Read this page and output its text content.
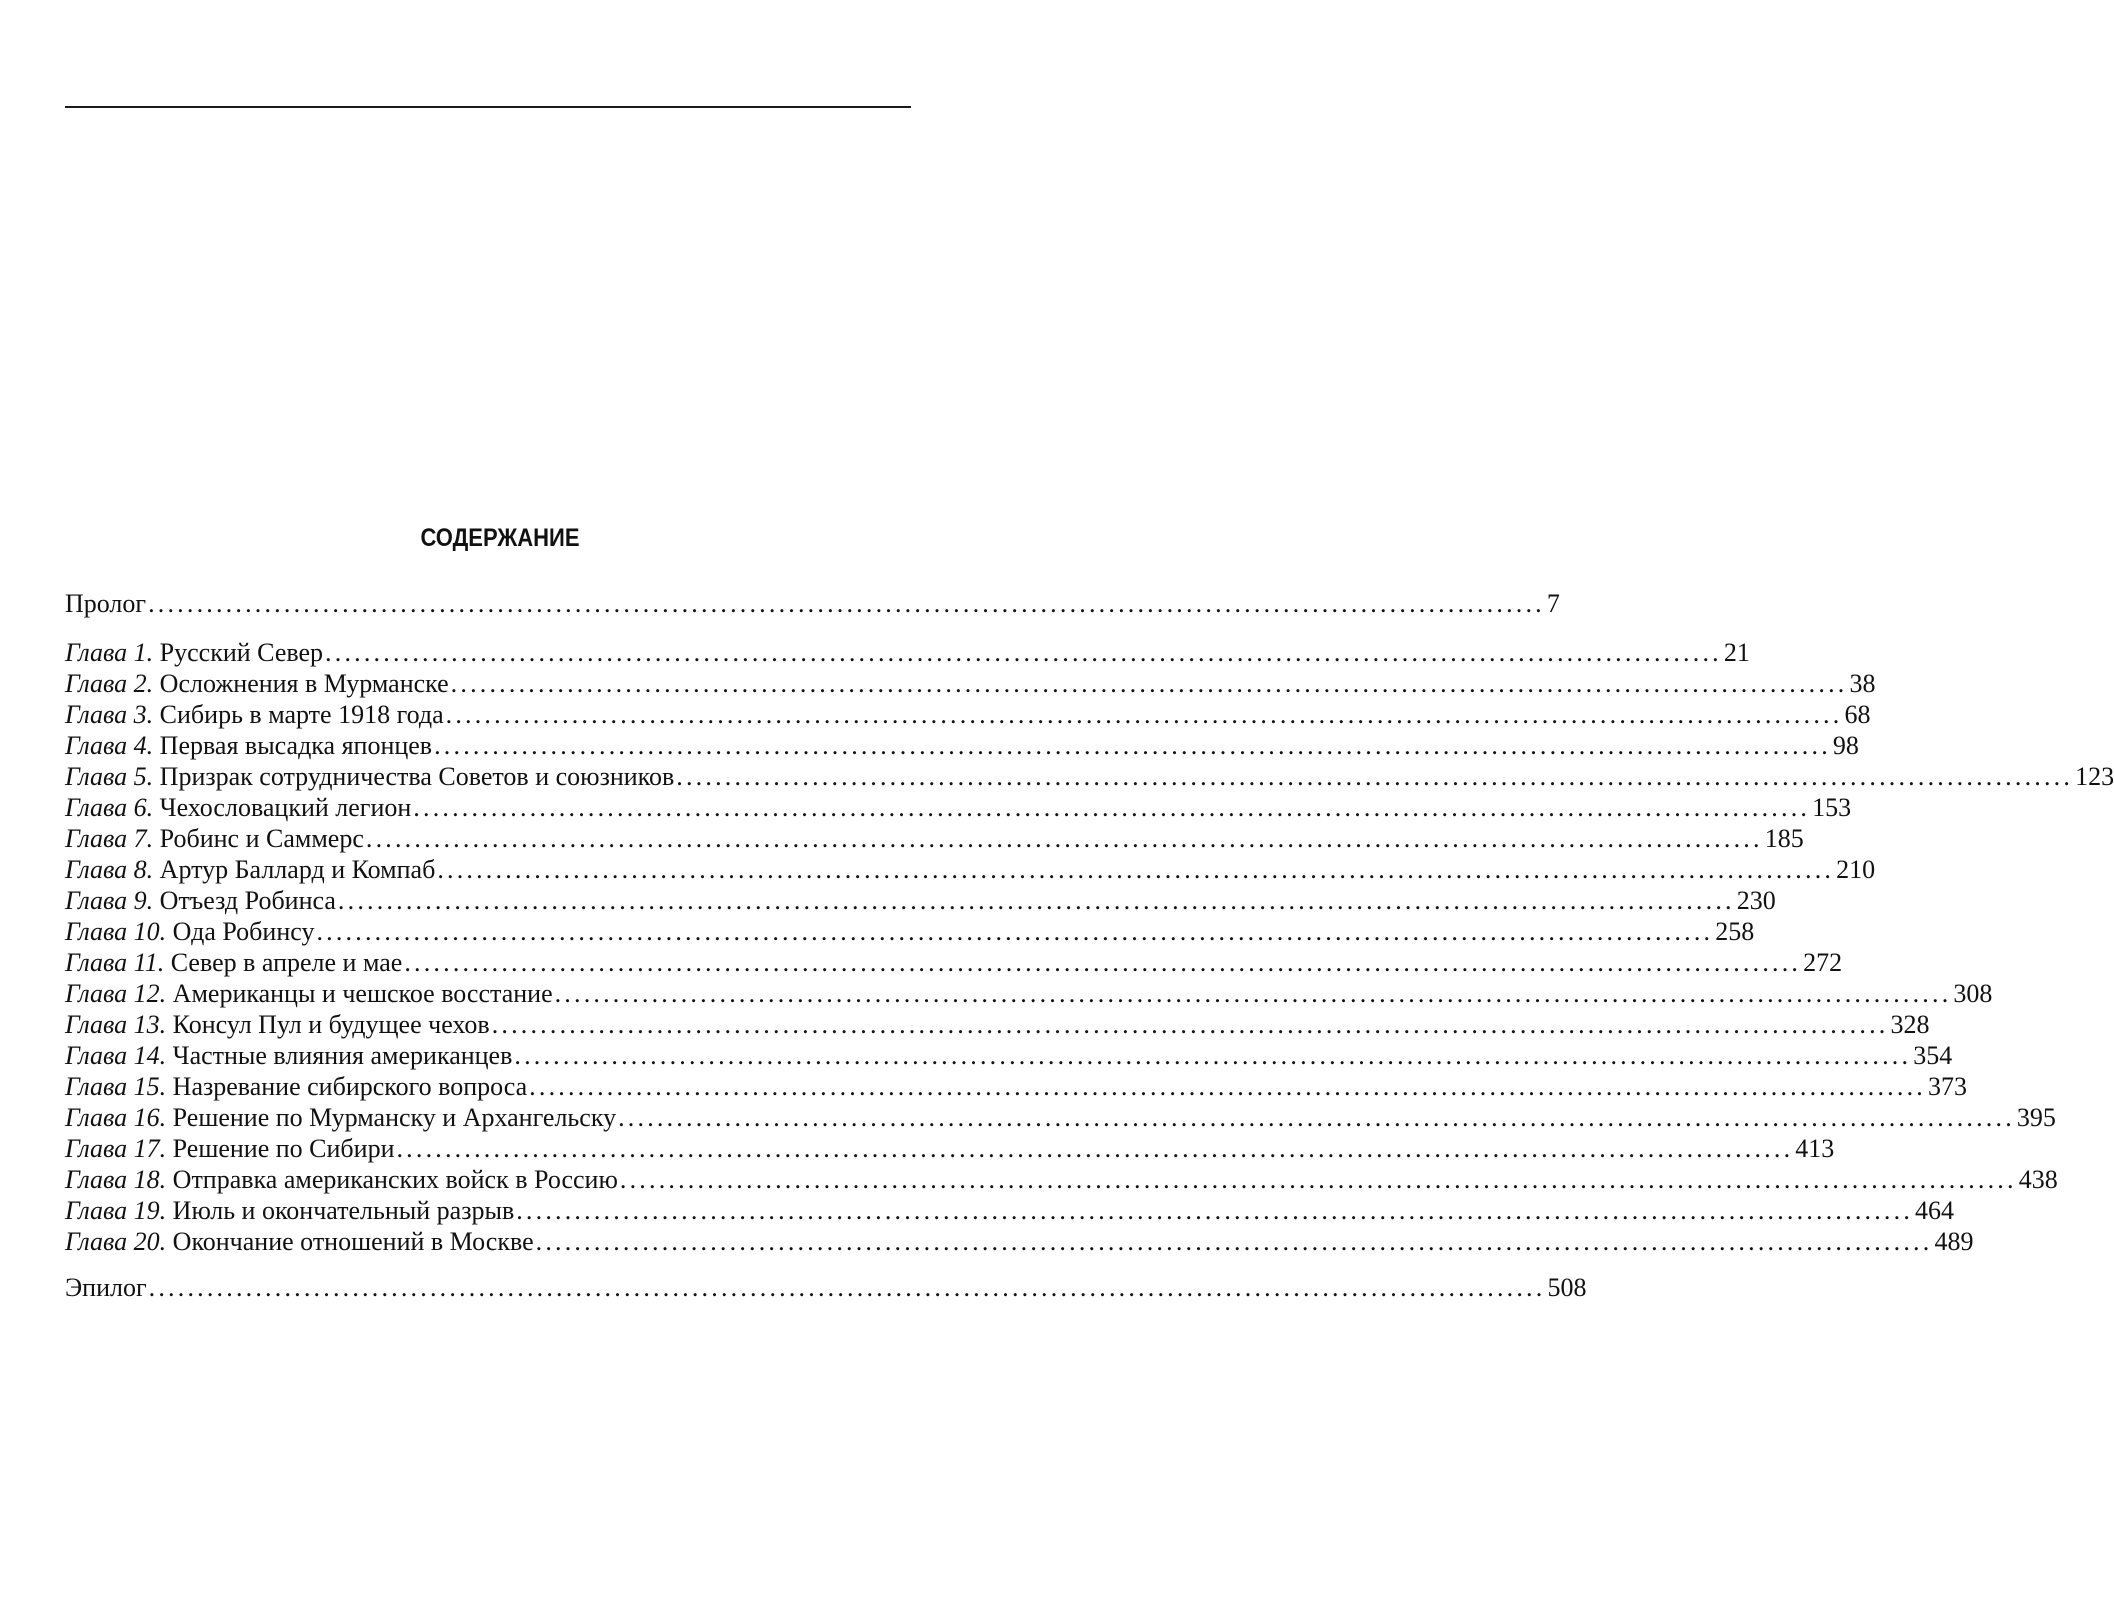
СОДЕРЖАНИЕ
Пролог ................................................................................................................................................ 7
Глава 1. Русский Север ................................................................................................................................................ 21
Глава 2. Осложнения в Мурманске ................................................................................................................................................ 38
Глава 3. Сибирь в марте 1918 года ................................................................................................................................................ 68
Глава 4. Первая высадка японцев ................................................................................................................................................ 98
Глава 5. Призрак сотрудничества Советов и союзников ................................................................................................................................................ 123
Глава 6. Чехословацкий легион ................................................................................................................................................ 153
Глава 7. Робинс и Саммерс ................................................................................................................................................ 185
Глава 8. Артур Баллард и Компаб ................................................................................................................................................ 210
Глава 9. Отъезд Робинса ................................................................................................................................................ 230
Глава 10. Ода Робинсу ................................................................................................................................................ 258
Глава 11. Север в апреле и мае ................................................................................................................................................ 272
Глава 12. Американцы и чешское восстание ................................................................................................................................................ 308
Глава 13. Консул Пул и будущее чехов ................................................................................................................................................ 328
Глава 14. Частные влияния американцев ................................................................................................................................................ 354
Глава 15. Назревание сибирского вопроса ................................................................................................................................................ 373
Глава 16. Решение по Мурманску и Архангельску ................................................................................................................................................ 395
Глава 17. Решение по Сибири ................................................................................................................................................ 413
Глава 18. Отправка американских войск в Россию ................................................................................................................................................ 438
Глава 19. Июль и окончательный разрыв ................................................................................................................................................ 464
Глава 20. Окончание отношений в Москве ................................................................................................................................................ 489
Эпилог ................................................................................................................................................ 508
